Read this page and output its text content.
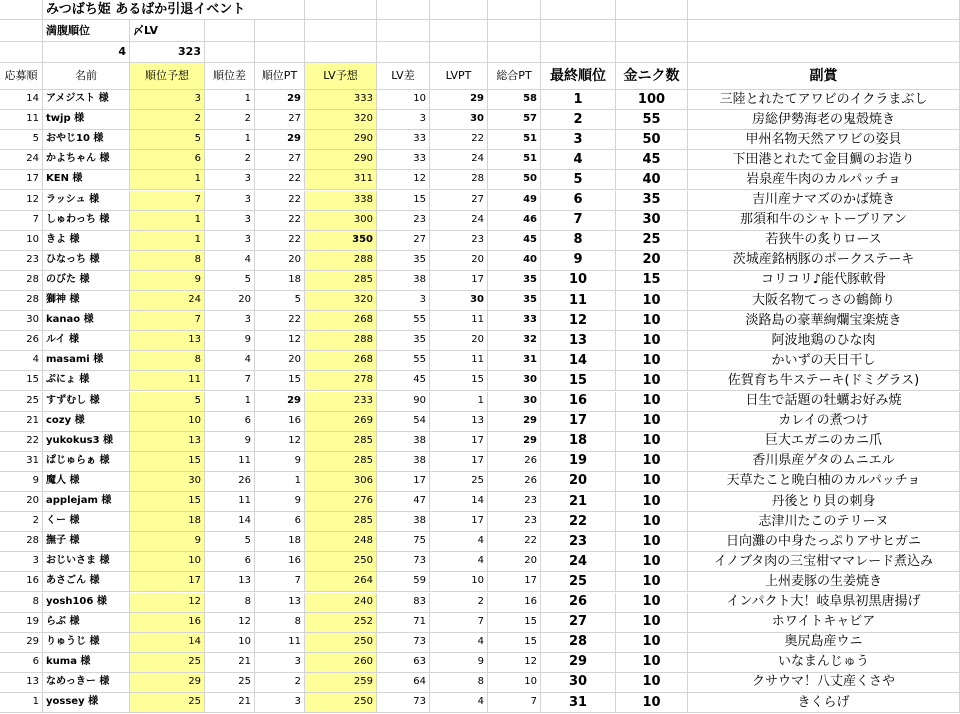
みつばち姫 あるばか引退イベント
満腹順位	〆LV
4	323
応募順	名前	順位予想	順位差	順位PT	LV予想	LV差	LVPT	総合PT	最終順位	金ニク数	副賞
14 アメジスト 様	3	1	29	333	10	29	58	1	100	三陸とれたてアワビのイクラまぶし
11 twjp 様	2	2	27	320	3	30	57	2	55	房総伊勢海老の鬼殻焼き
5 おやじ10 様	5	1	29	290	33	22	51	3	50	甲州名物天然アワビの姿貝
24 かよちゃん 様	6	2	27	290	33	24	51	4	45	下田港とれたて金目鯛のお造り
17 KEN 様	1	3	22	311	12	28	50	5	40	岩泉産牛肉のカルパッチョ
12 ラッシュ 様	7	3	22	338	15	27	49	6	35	吉川産ナマズのかば焼き
7 しゅわっち 様	1	3	22	300	23	24	46	7	30	那須和牛のシャトーブリアン
10 きよ 様	1	3	22	350	27	23	45	8	25	若狭牛の炙りロース
23 ひなっち 様	8	4	20	288	35	20	40	9	20	茨城産銘柄豚のポークステーキ
28 のびた 様	9	5	18	285	38	17	35	10	15	コリコリ♪能代豚軟骨
28 獅神 様	24	20	5	320	3	30	35	11	10	大阪名物てっさの鶴飾り
30 kanao 様	7	3	22	268	55	11	33	12	10	淡路島の豪華絢爛宝楽焼き
26 ルイ 様	13	9	12	288	35	20	32	13	10	阿波地鶏のひな肉
4 masami 様	8	4	20	268	55	11	31	14	10	かいずの天日干し
15 ぷにょ 様	11	7	15	278	45	15	30	15	10	佐賀育ち牛ステーキ(ドミグラス)
25 すずむし 様	5	1	29	233	90	1	30	16	10	日生で話題の牡蠣お好み焼
21 cozy 様	10	6	16	269	54	13	29	17	10	カレイの煮つけ
22 yukokus3 様	13	9	12	285	38	17	29	18	10	巨大エガニのカニ爪
31 ぱじゅらぁ 様	15	11	9	285	38	17	26	19	10	香川県産ゲタのムニエル
9 魔人 様	30	26	1	306	17	25	26	20	10	天草たこと晩白柚のカルパッチョ
20 applejam 様	15	11	9	276	47	14	23	21	10	丹後とり貝の刺身
2 くー 様	18	14	6	285	38	17	23	22	10	志津川たこのテリーヌ
28 撫子 様	9	5	18	248	75	4	22	23	10	日向灘の中身たっぷりアサヒガニ
3 おじいさま 様	10	6	16	250	73	4	20	24	10	イノブタ肉の三宝柑ママレード煮込み
16 あさごん 様	17	13	7	264	59	10	17	25	10	上州麦豚の生姜焼き
8 yosh106 様	12	8	13	240	83	2	16	26	10	インパクト大！岐阜県初黒唐揚げ
19 らぶ 様	16	12	8	252	71	7	15	27	10	ホワイトキャビア
29 りゅうじ 様	14	10	11	250	73	4	15	28	10	奥尻島産ウニ
6 kuma 様	25	21	3	260	63	9	12	29	10	いなまんじゅう
13 なめっきー 様	29	25	2	259	64	8	10	30	10	クサウマ！八丈産くさや
1 yossey 様	25	21	3	250	73	4	7	31	10	きくらげ
